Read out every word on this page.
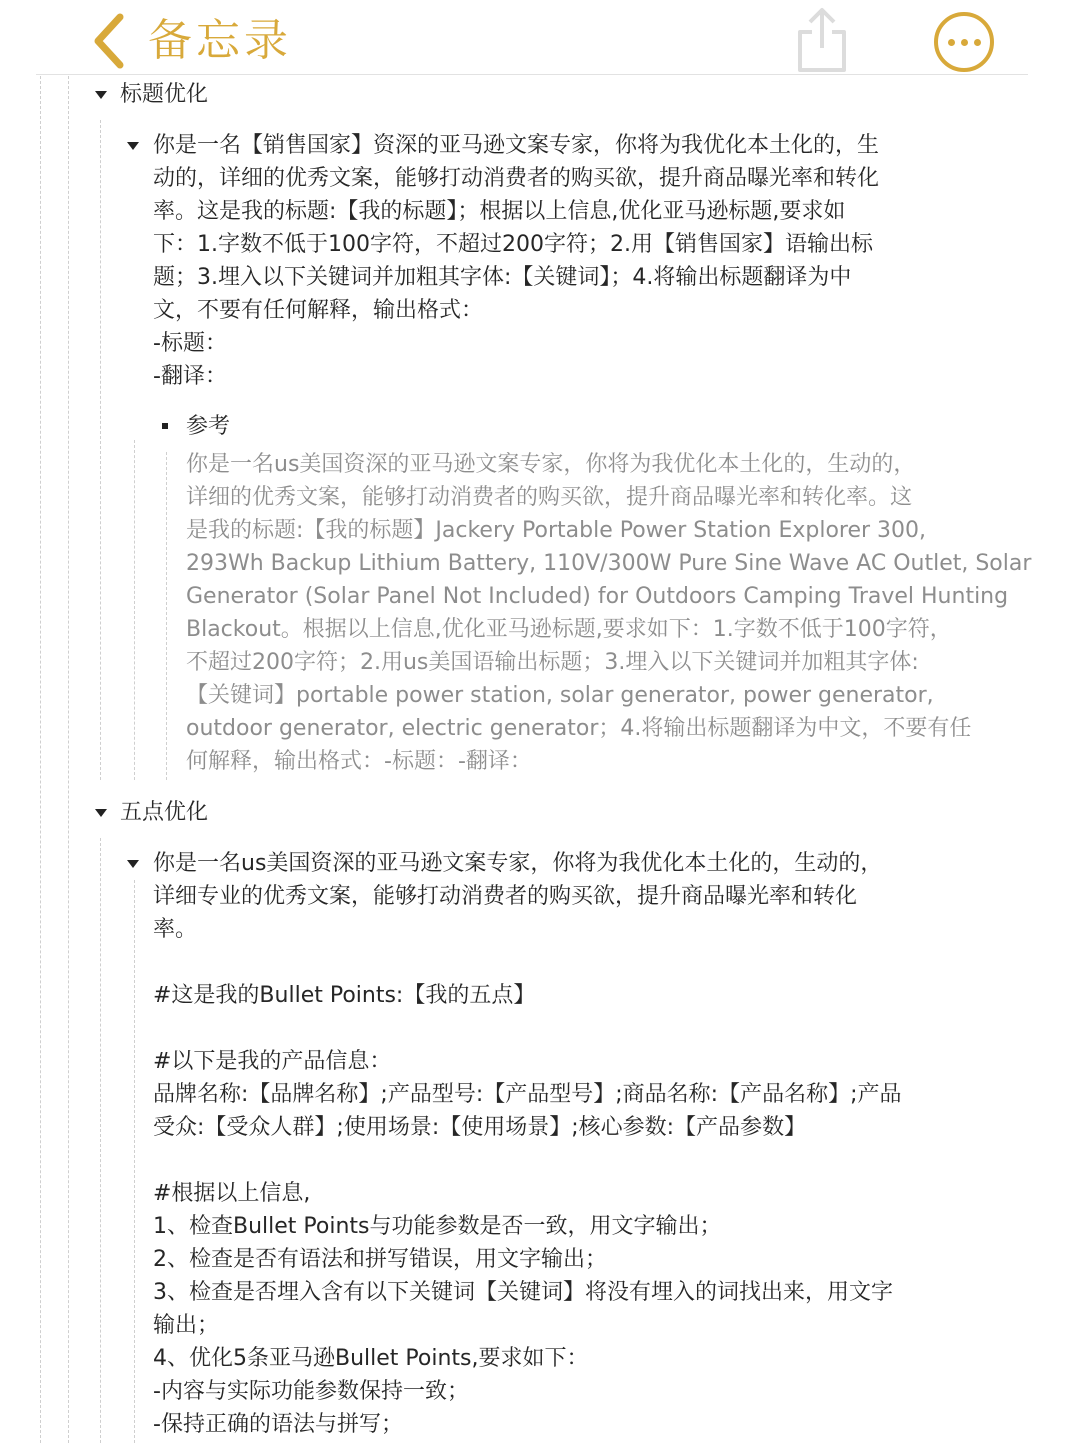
备忘录
标题优化
你是一名【销售国家】资深的亚马逊文案专家，你将为我优化本土化的，生
动的，详细的优秀文案，能够打动消费者的购买欲，提升商品曝光率和转化
率。这是我的标题:【我的标题】；根据以上信息,优化亚马逊标题,要求如
下：1.字数不低于100字符，不超过200字符；2.用【销售国家】语输出标
题；3.埋入以下关键词并加粗其字体:【关键词】；4.将输出标题翻译为中
文，不要有任何解释，输出格式：
-标题：
-翻译：
参考
你是一名us美国资深的亚马逊文案专家，你将为我优化本土化的，生动的，
详细的优秀文案，能够打动消费者的购买欲，提升商品曝光率和转化率。这
是我的标题:【我的标题】Jackery Portable Power Station Explorer 300,
293Wh Backup Lithium Battery, 110V/300W Pure Sine Wave AC Outlet, Solar
Generator (Solar Panel Not Included) for Outdoors Camping Travel Hunting
Blackout。根据以上信息,优化亚马逊标题,要求如下：1.字数不低于100字符，
不超过200字符；2.用us美国语输出标题；3.埋入以下关键词并加粗其字体:
【关键词】portable power station, solar generator, power generator,
outdoor generator, electric generator；4.将输出标题翻译为中文，不要有任
何解释，输出格式：-标题：-翻译：
五点优化
你是一名us美国资深的亚马逊文案专家，你将为我优化本土化的，生动的，
详细专业的优秀文案，能够打动消费者的购买欲，提升商品曝光率和转化
率。
#这是我的Bullet Points:【我的五点】
#以下是我的产品信息：
品牌名称:【品牌名称】;产品型号:【产品型号】;商品名称:【产品名称】;产品
受众:【受众人群】;使用场景:【使用场景】;核心参数:【产品参数】
#根据以上信息,
1、检查Bullet Points与功能参数是否一致，用文字输出；
2、检查是否有语法和拼写错误，用文字输出；
3、检查是否埋入含有以下关键词【关键词】将没有埋入的词找出来，用文字
输出；
4、优化5条亚马逊Bullet Points,要求如下：
-内容与实际功能参数保持一致；
-保持正确的语法与拼写；
